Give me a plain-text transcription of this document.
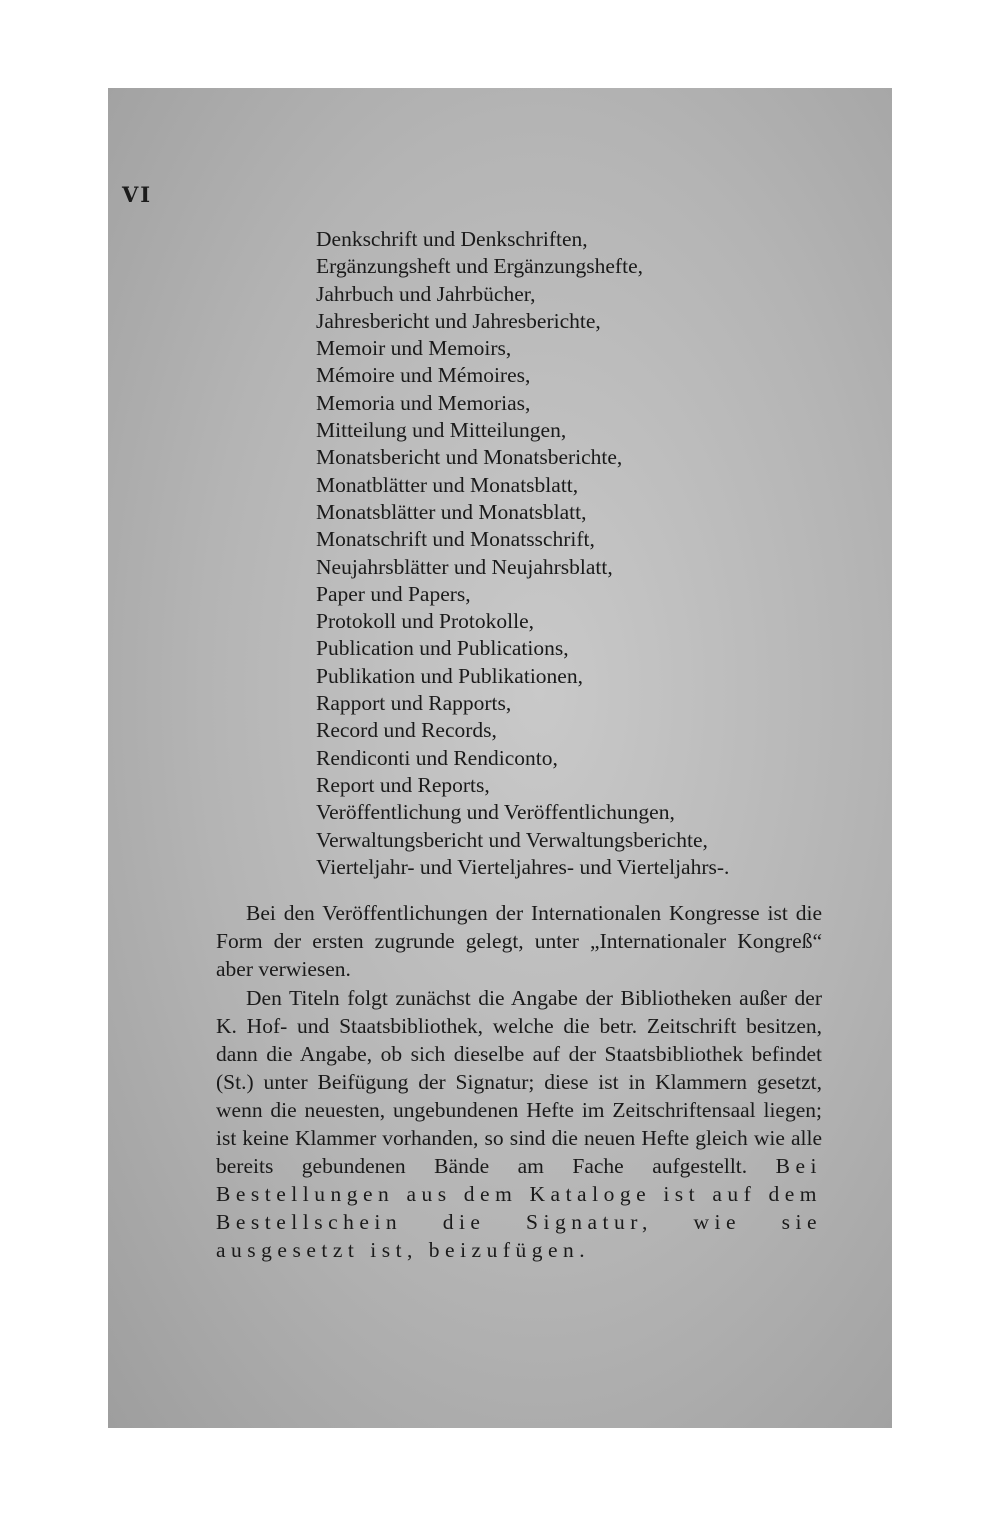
VI

Denkschrift und Denkschriften,
Ergänzungsheft und Ergänzungshefte,
Jahrbuch und Jahrbücher,
Jahresbericht und Jahresberichte,
Memoir und Memoirs,
Mémoire und Mémoires,
Memoria und Memorias,
Mitteilung und Mitteilungen,
Monatsbericht und Monatsberichte,
Monatblätter und Monatsblatt,
Monatsblätter und Monatsblatt,
Monatschrift und Monatsschrift,
Neujahrsblätter und Neujahrsblatt,
Paper und Papers,
Protokoll und Protokolle,
Publication und Publications,
Publikation und Publikationen,
Rapport und Rapports,
Record und Records,
Rendiconti und Rendiconto,
Report und Reports,
Veröffentlichung und Veröffentlichungen,
Verwaltungsbericht und Verwaltungsberichte,
Vierteljahr- und Vierteljahres- und Vierteljahrs-.

Bei den Veröffentlichungen der Internationalen Kongresse ist die Form der ersten zugrunde gelegt, unter „Internationaler Kongreß“ aber verwiesen.

Den Titeln folgt zunächst die Angabe der Bibliotheken außer der K. Hof- und Staatsbibliothek, welche die betr. Zeitschrift besitzen, dann die Angabe, ob sich dieselbe auf der Staatsbibliothek befindet (St.) unter Beifügung der Signatur; diese ist in Klammern gesetzt, wenn die neuesten, ungebundenen Hefte im Zeitschriftensaal liegen; ist keine Klammer vorhanden, so sind die neuen Hefte gleich wie alle bereits gebundenen Bände am Fache aufgestellt. Bei Bestellungen aus dem Kataloge ist auf dem Bestellschein die Signatur, wie sie ausgesetzt ist, beizufügen.
